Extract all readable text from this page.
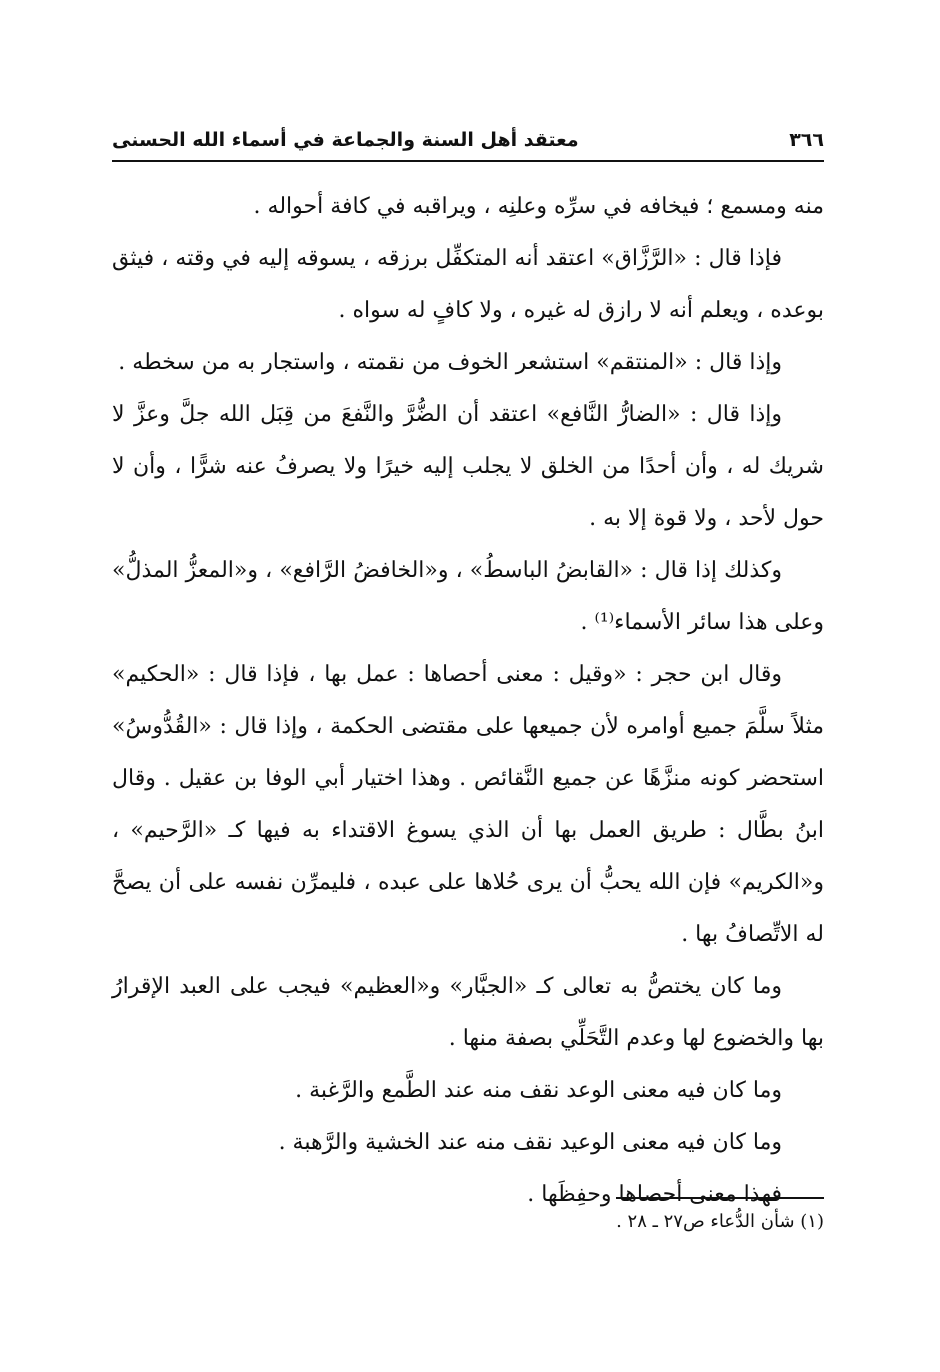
٣٦٦
معتقد أهل السنة والجماعة في أسماء الله الحسنى

منه ومسمع ؛ فيخافه في سرِّه وعلنِه ، ويراقبه في كافة أحواله .

فإذا قال : «الرَّزَّاق» اعتقد أنه المتكفِّل برزقه ، يسوقه إليه في وقته ، فيثق بوعده ، ويعلم أنه لا رازق له غيره ، ولا كافٍ له سواه .

وإذا قال : «المنتقم» استشعر الخوف من نقمته ، واستجار به من سخطه .

وإذا قال : «الضارُّ النَّافع» اعتقد أن الضُّرَّ والنَّفعَ من قِبَل الله جلَّ وعزَّ لا شريك له ، وأن أحدًا من الخلق لا يجلب إليه خيرًا ولا يصرفُ عنه شرًّا ، وأن لا حول لأحد ، ولا قوة إلا به .

وكذلك إذا قال : «القابضُ الباسطُ» ، و«الخافضُ الرَّافع» ، و«المعزُّ المذلُّ» وعلى هذا سائر الأسماء⁽¹⁾ .

وقال ابن حجر : «وقيل : معنى أحصاها : عمل بها ، فإذا قال : «الحكيم» مثلاً سلَّمَ جميع أوامره لأن جميعها على مقتضى الحكمة ، وإذا قال : «القُدُّوسُ» استحضر كونه منزَّهًا عن جميع النَّقائص . وهذا اختيار أبي الوفا بن عقيل . وقال ابنُ بطَّال : طريق العمل بها أن الذي يسوغ الاقتداء به فيها كـ «الرَّحيم» ، و«الكريم» فإن الله يحبُّ أن يرى حُلاها على عبده ، فليمرِّن نفسه على أن يصحَّ له الاتِّصافُ بها .

وما كان يختصُّ به تعالى كـ «الجبَّار» و«العظيم» فيجب على العبد الإقرارُ بها والخضوع لها وعدم التَّحَلِّي بصفة منها .

وما كان فيه معنى الوعد نقف منه عند الطَّمع والرَّغبة .

وما كان فيه معنى الوعيد نقف منه عند الخشية والرَّهبة .

فهذا معنى أحصاها وحفِظَها .

(١) شأن الدُّعاء ص٢٧ ـ ٢٨ .
